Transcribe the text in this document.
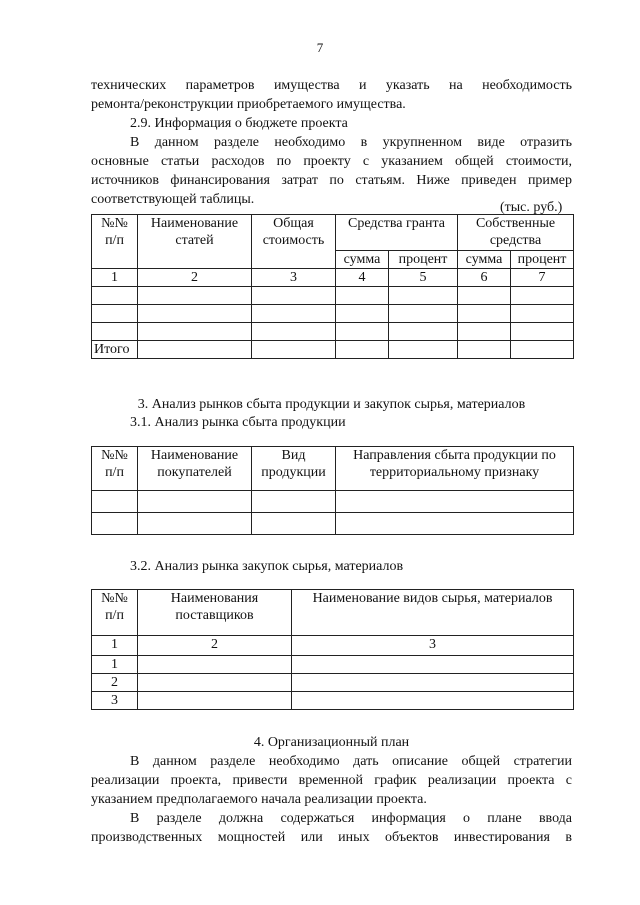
7
технических параметров имущества и указать на необходимость
ремонта/реконструкции приобретаемого имущества.
2.9. Информация о бюджете проекта
В данном разделе необходимо в укрупненном виде отразить
основные статьи расходов по проекту с указанием общей стоимости,
источников финансирования затрат по статьям. Ниже приведен пример
соответствующей таблицы.
(тыс. руб.)
№№ п/п	Наименование статей	Общая стоимость	Средства гранта		Собственные средства	
			сумма	процент	сумма	процент
1	2	3	4	5	6	7

Итого						
3. Анализ рынков сбыта продукции и закупок сырья, материалов
3.1. Анализ рынка сбыта продукции
№№ п/п	Наименование покупателей	Вид продукции	Направления сбыта продукции по территориальному признаку

3.2. Анализ рынка закупок сырья, материалов
№№ п/п	Наименования поставщиков	Наименование видов сырья, материалов
1	2	3
1		
2		
3		
4. Организационный план
В данном разделе необходимо дать описание общей стратегии
реализации проекта, привести временной график реализации проекта с
указанием предполагаемого начала реализации проекта.
В разделе должна содержаться информация о плане ввода
производственных мощностей или иных объектов инвестирования в
